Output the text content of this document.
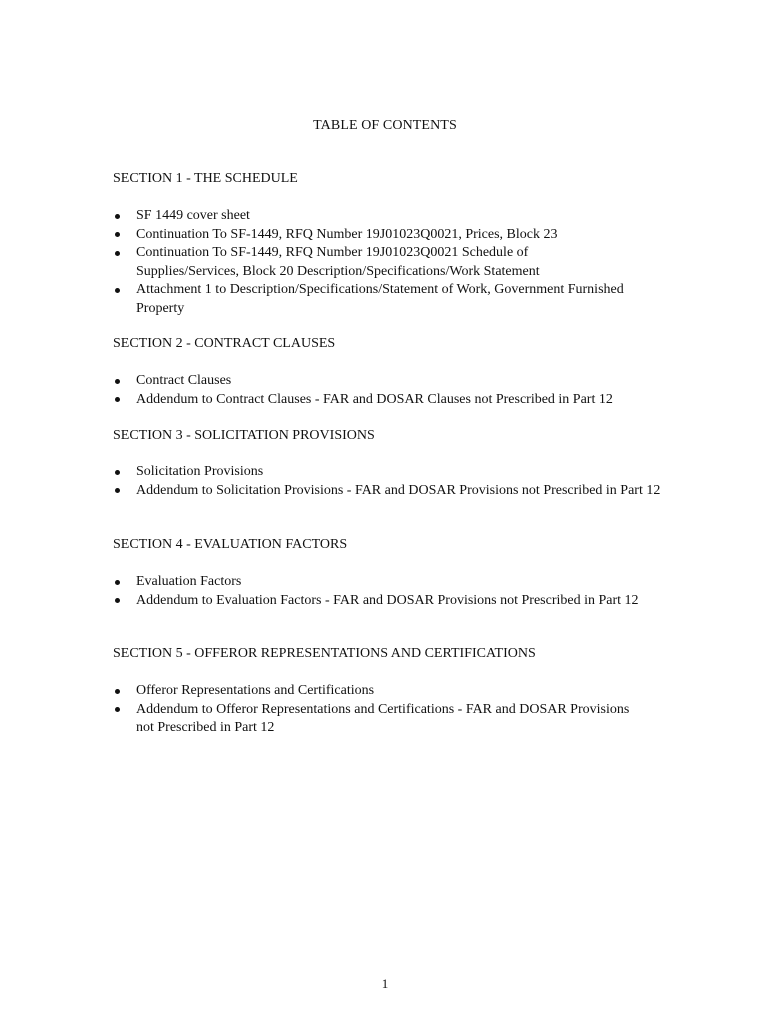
TABLE OF CONTENTS
SECTION 1 - THE SCHEDULE
SF 1449 cover sheet
Continuation To SF-1449, RFQ Number 19J01023Q0021, Prices, Block 23
Continuation To SF-1449, RFQ Number 19J01023Q0021 Schedule of Supplies/Services, Block 20 Description/Specifications/Work Statement
Attachment 1 to Description/Specifications/Statement of Work, Government Furnished Property
SECTION 2 - CONTRACT CLAUSES
Contract Clauses
Addendum to Contract Clauses - FAR and DOSAR Clauses not Prescribed in Part 12
SECTION 3 - SOLICITATION PROVISIONS
Solicitation Provisions
Addendum to Solicitation Provisions - FAR and DOSAR Provisions not Prescribed in Part 12
SECTION 4 - EVALUATION FACTORS
Evaluation Factors
Addendum to Evaluation Factors - FAR and DOSAR Provisions not Prescribed in Part 12
SECTION 5 - OFFEROR REPRESENTATIONS AND CERTIFICATIONS
Offeror Representations and Certifications
Addendum to Offeror Representations and Certifications - FAR and DOSAR Provisions not Prescribed in Part 12
1
